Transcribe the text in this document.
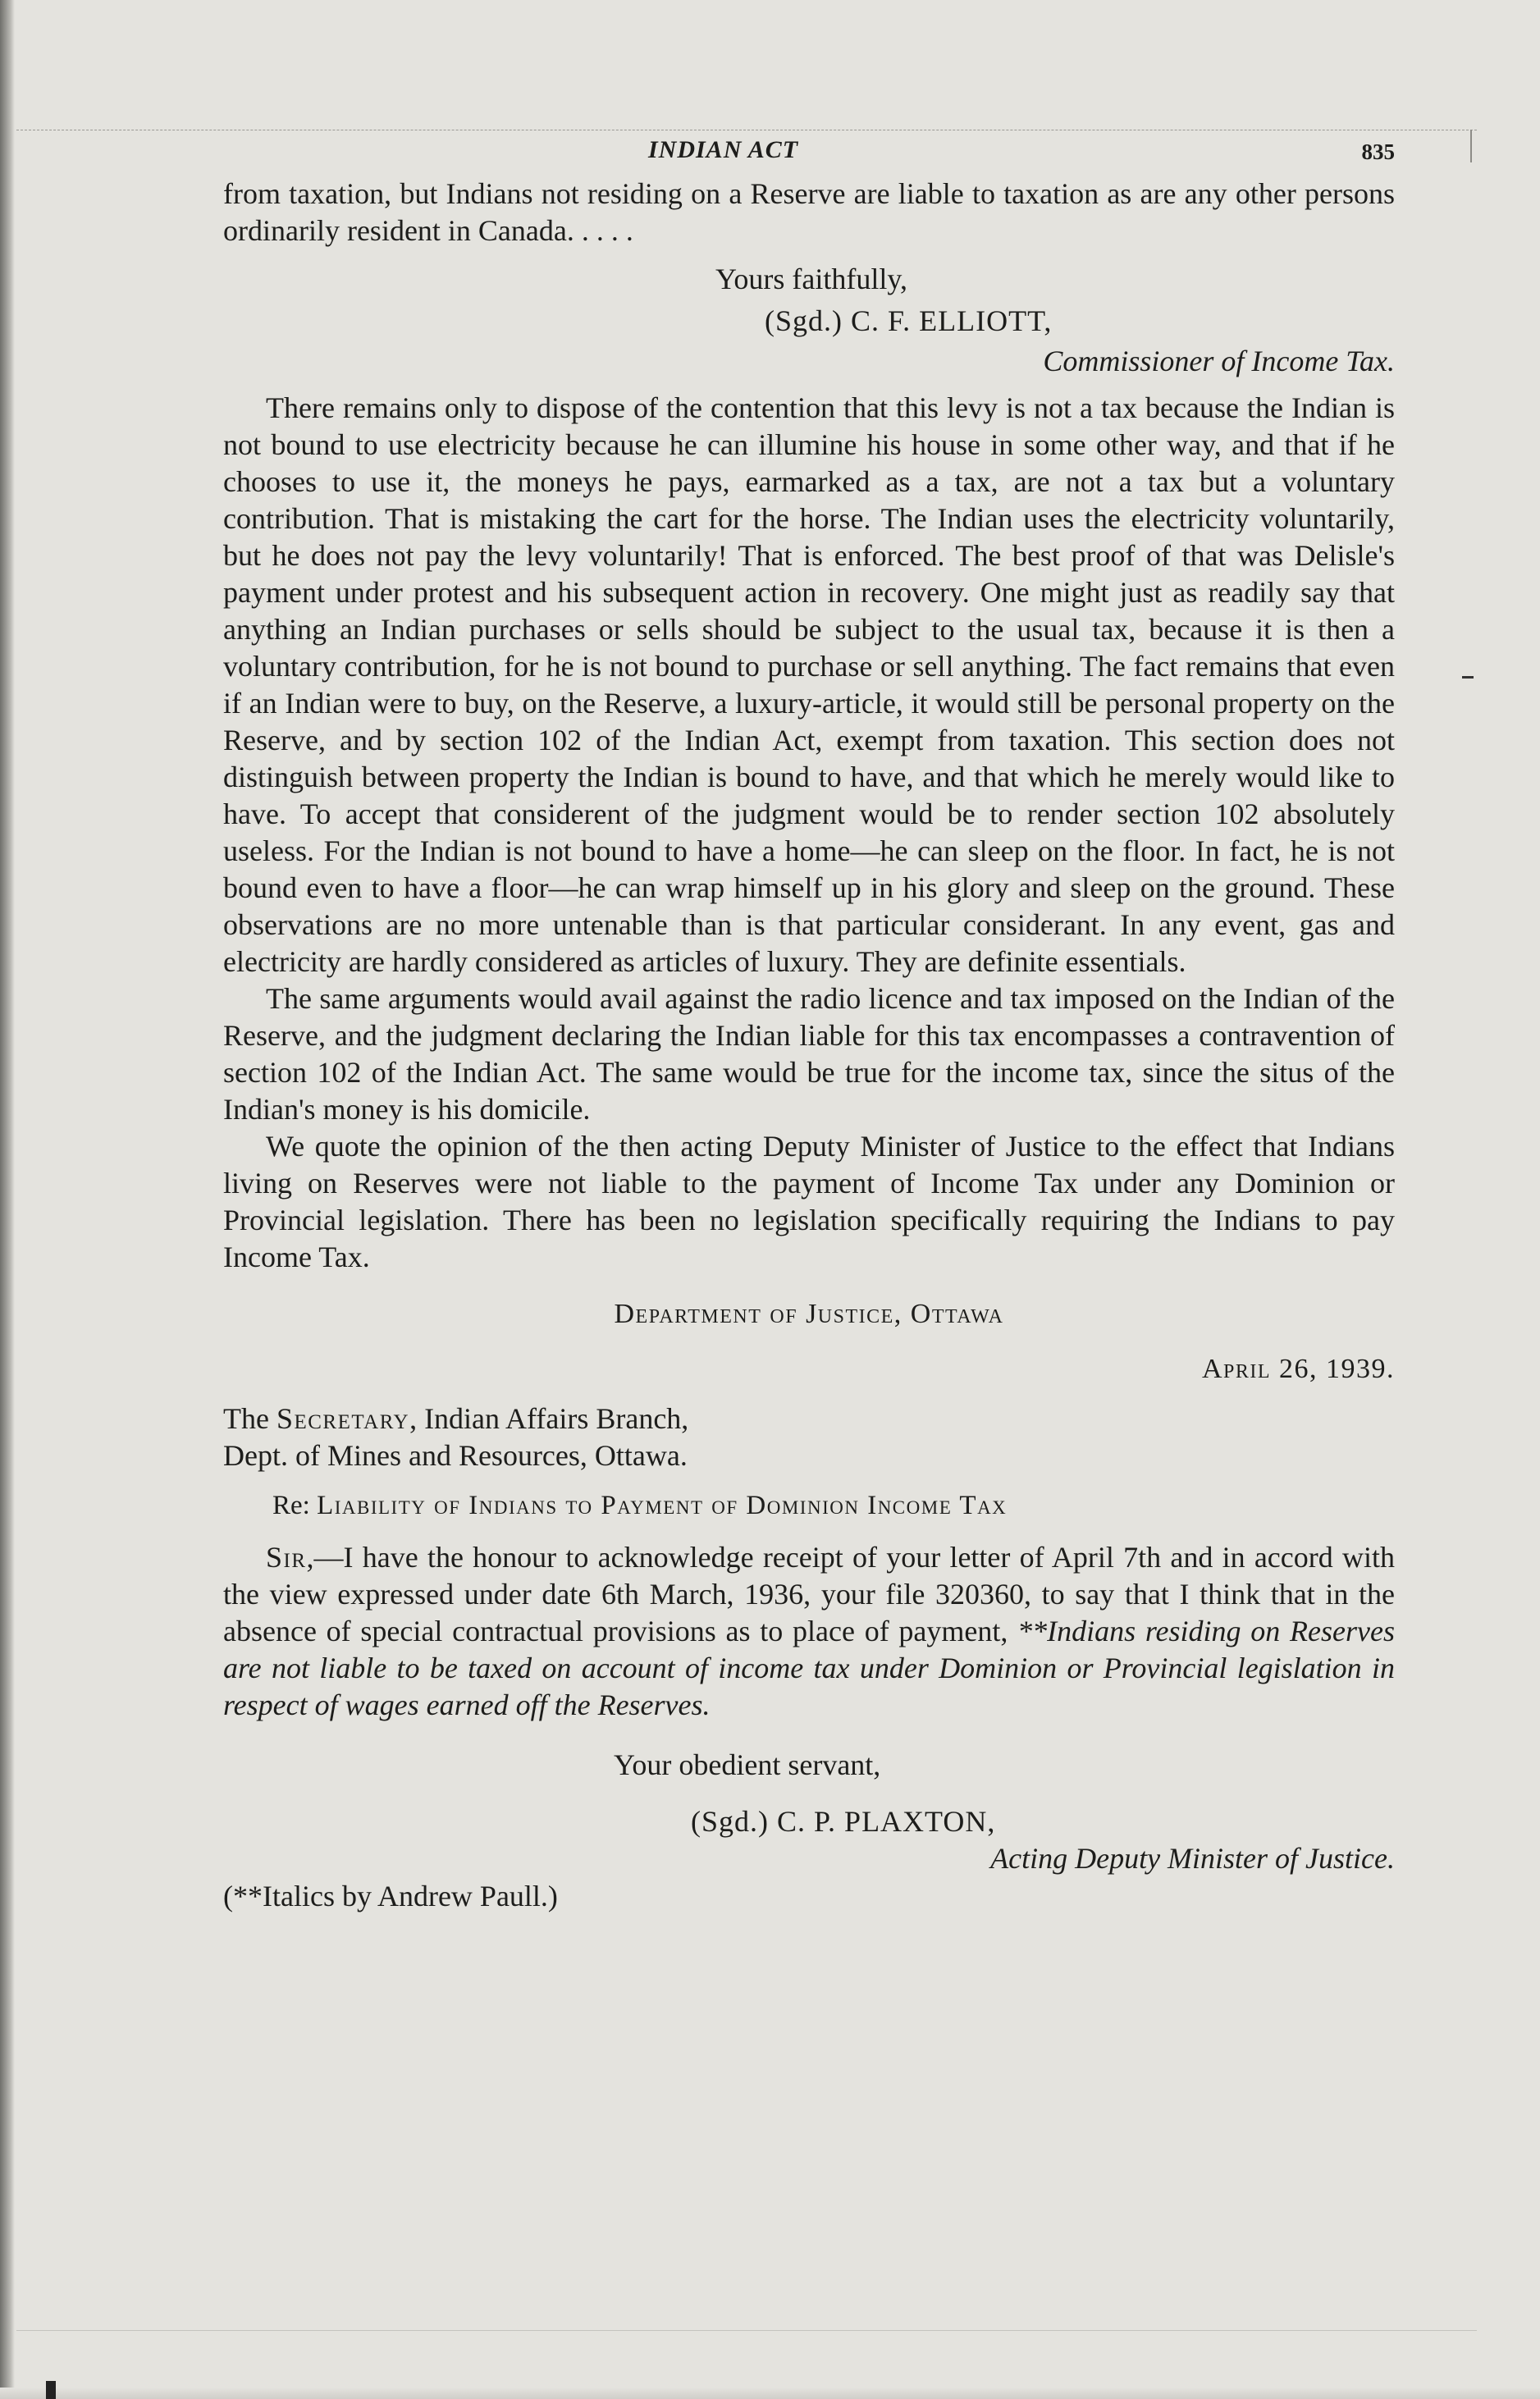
INDIAN ACT	835

from taxation, but Indians not residing on a Reserve are liable to taxation as are any other persons ordinarily resident in Canada. . . . .

Yours faithfully,
(Sgd.) C. F. ELLIOTT,
Commissioner of Income Tax.

There remains only to dispose of the contention that this levy is not a tax because the Indian is not bound to use electricity because he can illumine his house in some other way, and that if he chooses to use it, the moneys he pays, earmarked as a tax, are not a tax but a voluntary contribution. That is mistaking the cart for the horse. The Indian uses the electricity voluntarily, but he does not pay the levy voluntarily! That is enforced. The best proof of that was Delisle's payment under protest and his subsequent action in recovery. One might just as readily say that anything an Indian purchases or sells should be subject to the usual tax, because it is then a voluntary contribution, for he is not bound to purchase or sell anything. The fact remains that even if an Indian were to buy, on the Reserve, a luxury-article, it would still be personal property on the Reserve, and by section 102 of the Indian Act, exempt from taxation. This section does not distinguish between property the Indian is bound to have, and that which he merely would like to have. To accept that considerent of the judgment would be to render section 102 absolutely useless. For the Indian is not bound to have a home—he can sleep on the floor. In fact, he is not bound even to have a floor—he can wrap himself up in his glory and sleep on the ground. These observations are no more untenable than is that particular considerant. In any event, gas and electricity are hardly considered as articles of luxury. They are definite essentials.

The same arguments would avail against the radio licence and tax imposed on the Indian of the Reserve, and the judgment declaring the Indian liable for this tax encompasses a contravention of section 102 of the Indian Act. The same would be true for the income tax, since the situs of the Indian's money is his domicile.

We quote the opinion of the then acting Deputy Minister of Justice to the effect that Indians living on Reserves were not liable to the payment of Income Tax under any Dominion or Provincial legislation. There has been no legislation specifically requiring the Indians to pay Income Tax.

Department of Justice, Ottawa
April 26, 1939.
The Secretary, Indian Affairs Branch,
Dept. of Mines and Resources, Ottawa.
Re: Liability of Indians to Payment of Dominion Income Tax

Sir,—I have the honour to acknowledge receipt of your letter of April 7th and in accord with the view expressed under date 6th March, 1936, your file 320360, to say that I think that in the absence of special contractual provisions as to place of payment, **Indians residing on Reserves are not liable to be taxed on account of income tax under Dominion or Provincial legislation in respect of wages earned off the Reserves.

Your obedient servant,
(Sgd.) C. P. PLAXTON,
Acting Deputy Minister of Justice.
(**Italics by Andrew Paull.)
